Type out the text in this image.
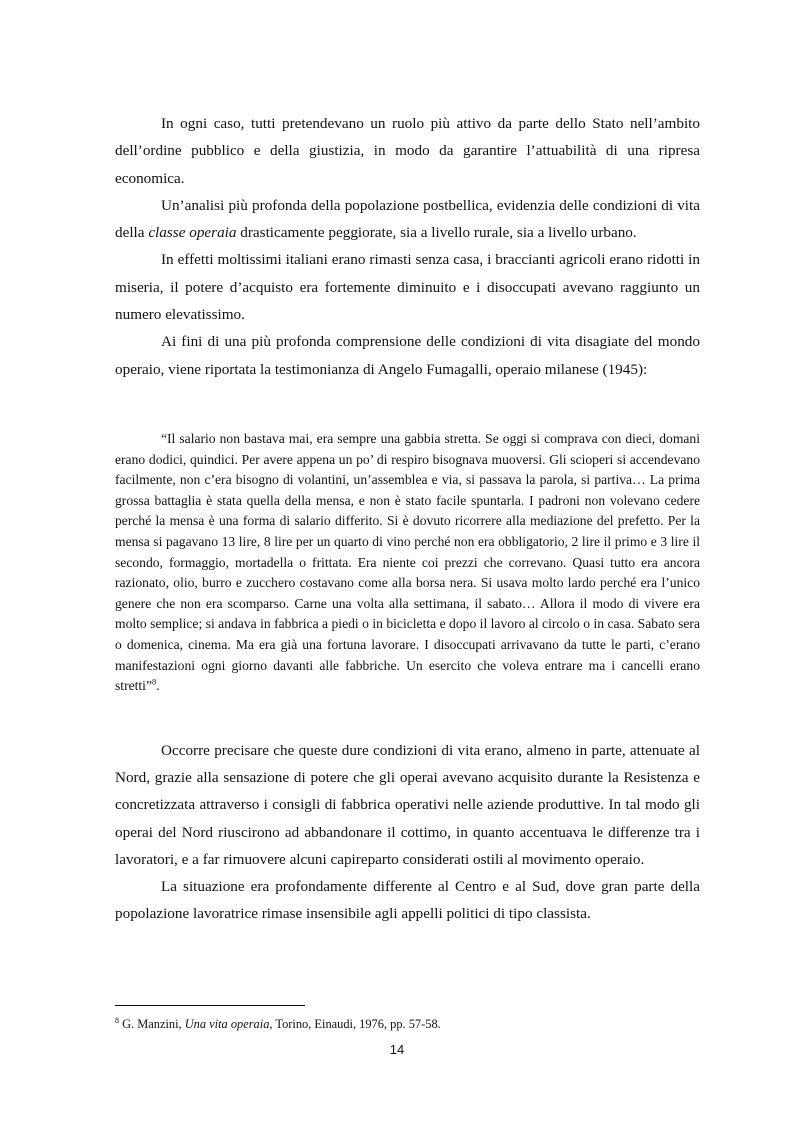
In ogni caso, tutti pretendevano un ruolo più attivo da parte dello Stato nell’ambito dell’ordine pubblico e della giustizia, in modo da garantire l’attuabilità di una ripresa economica.

Un’analisi più profonda della popolazione postbellica, evidenzia delle condizioni di vita della classe operaia drasticamente peggiorate, sia a livello rurale, sia a livello urbano.

In effetti moltissimi italiani erano rimasti senza casa, i braccianti agricoli erano ridotti in miseria, il potere d’acquisto era fortemente diminuito e i disoccupati avevano raggiunto un numero elevatissimo.

Ai fini di una più profonda comprensione delle condizioni di vita disagiate del mondo operaio, viene riportata la testimonianza di Angelo Fumagalli, operaio milanese (1945):

“Il salario non bastava mai, era sempre una gabbia stretta. Se oggi si comprava con dieci, domani erano dodici, quindici. Per avere appena un po’ di respiro bisognava muoversi. Gli scioperi si accendevano facilmente, non c’era bisogno di volantini, un’assemblea e via, si passava la parola, si partiva… La prima grossa battaglia è stata quella della mensa, e non è stato facile spuntarla. I padroni non volevano cedere perché la mensa è una forma di salario differito. Si è dovuto ricorrere alla mediazione del prefetto. Per la mensa si pagavano 13 lire, 8 lire per un quarto di vino perché non era obbligatorio, 2 lire il primo e 3 lire il secondo, formaggio, mortadella o frittata. Era niente coi prezzi che correvano. Quasi tutto era ancora razionato, olio, burro e zucchero costavano come alla borsa nera. Si usava molto lardo perché era l’unico genere che non era scomparso. Carne una volta alla settimana, il sabato… Allora il modo di vivere era molto semplice; si andava in fabbrica a piedi o in bicicletta e dopo il lavoro al circolo o in casa. Sabato sera o domenica, cinema. Ma era già una fortuna lavorare. I disoccupati arrivavano da tutte le parti, c’erano manifestazioni ogni giorno davanti alle fabbriche. Un esercito che voleva entrare ma i cancelli erano stretti”$^8$.

Occorre precisare che queste dure condizioni di vita erano, almeno in parte, attenuate al Nord, grazie alla sensazione di potere che gli operai avevano acquisito durante la Resistenza e concretizzata attraverso i consigli di fabbrica operativi nelle aziende produttive. In tal modo gli operai del Nord riuscirono ad abbandonare il cottimo, in quanto accentuava le differenze tra i lavoratori, e a far rimuovere alcuni capireparto considerati ostili al movimento operaio.

La situazione era profondamente differente al Centro e al Sud, dove gran parte della popolazione lavoratrice rimase insensibile agli appelli politici di tipo classista.

$^8$ G. Manzini, Una vita operaia, Torino, Einaudi, 1976, pp. 57-58.
14
